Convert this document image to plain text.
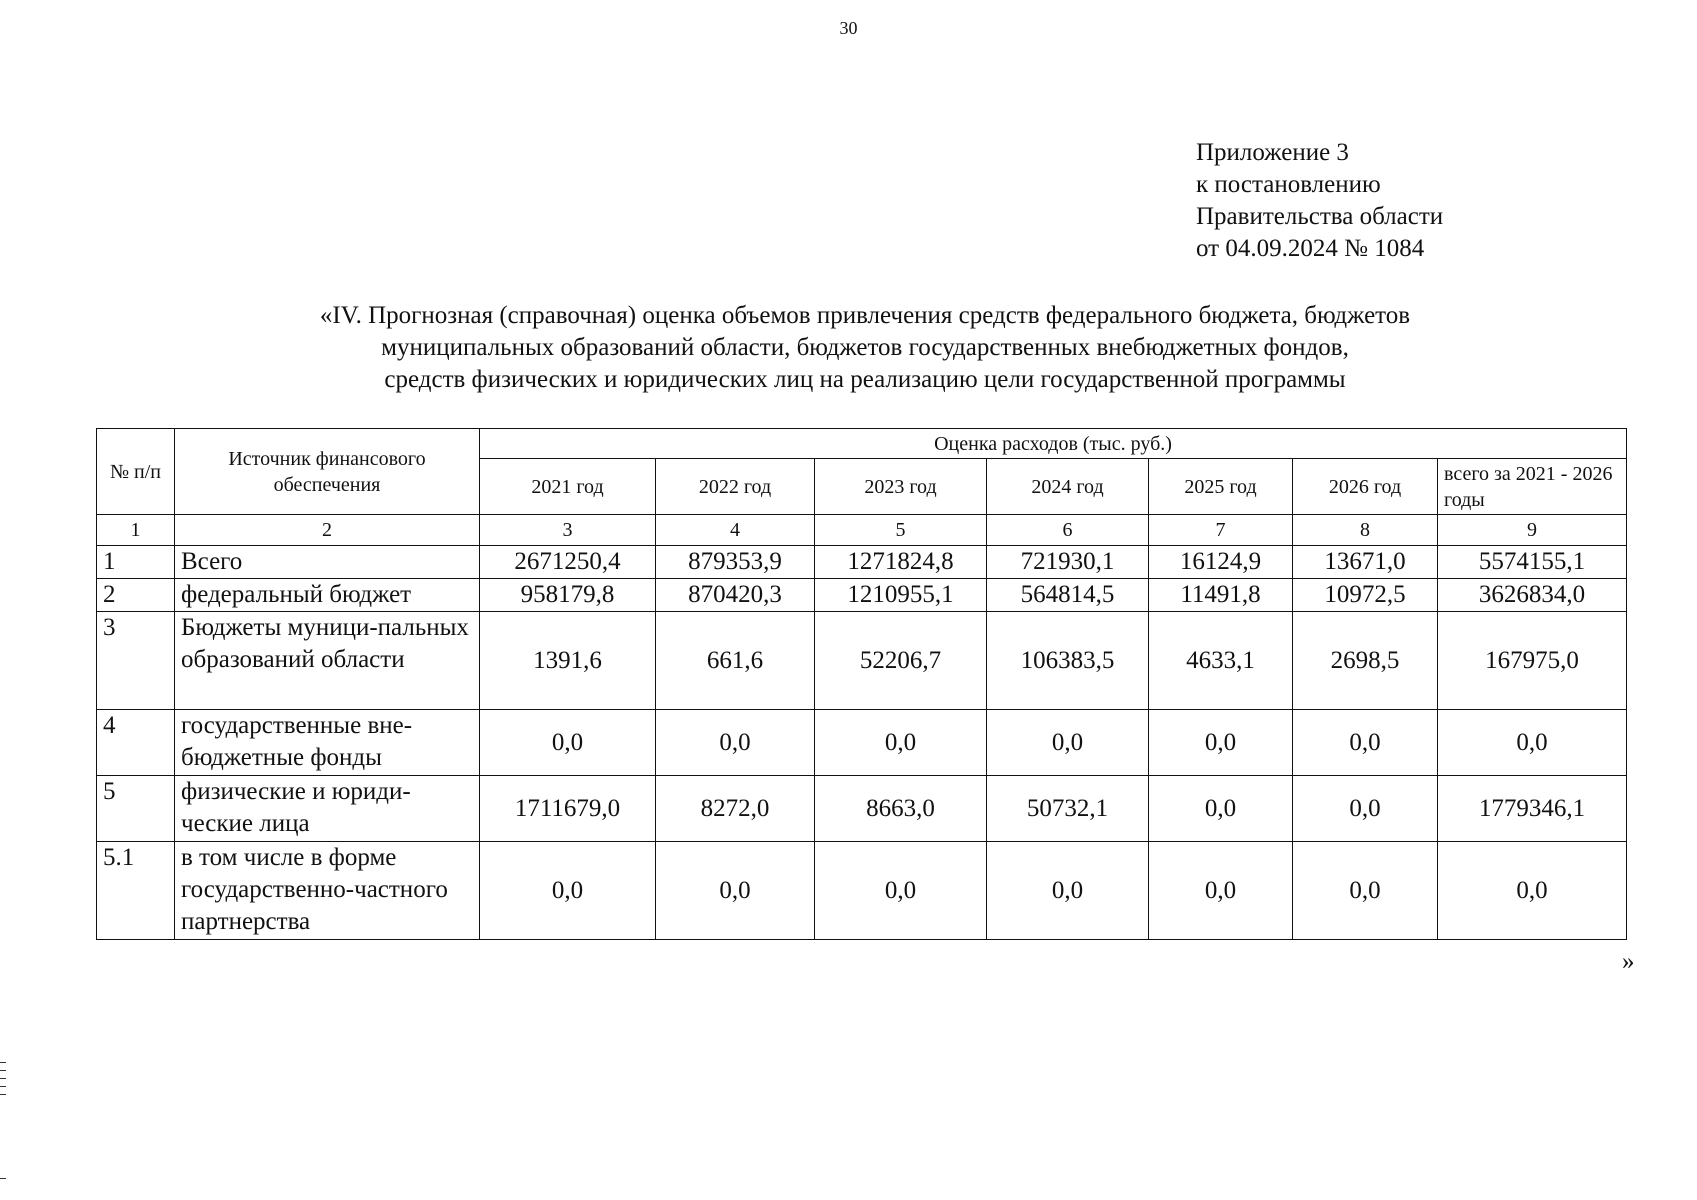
30
Приложение 3
к постановлению
Правительства области
от 04.09.2024 № 1084
«IV. Прогнозная (справочная) оценка объемов привлечения средств федерального бюджета, бюджетов
муниципальных образований области, бюджетов государственных внебюджетных фондов,
средств физических и юридических лиц на реализацию цели государственной программы
№ п/п	Источник финансового обеспечения	Оценка расходов (тыс. руб.)						
		2021 год	2022 год	2023 год	2024 год	2025 год	2026 год	всего за 2021 - 2026 годы
1	2	3	4	5	6	7	8	9
1	Всего	2671250,4	879353,9	1271824,8	721930,1	16124,9	13671,0	5574155,1
2	федеральный бюджет	958179,8	870420,3	1210955,1	564814,5	11491,8	10972,5	3626834,0
3	Бюджеты муници-пальных образований области	1391,6	661,6	52206,7	106383,5	4633,1	2698,5	167975,0
4	государственные вне-бюджетные фонды	0,0	0,0	0,0	0,0	0,0	0,0	0,0
5	физические и юриди-ческие лица	1711679,0	8272,0	8663,0	50732,1	0,0	0,0	1779346,1
5.1	в том числе в форме государственно-частного партнерства	0,0	0,0	0,0	0,0	0,0	0,0	0,0
»
